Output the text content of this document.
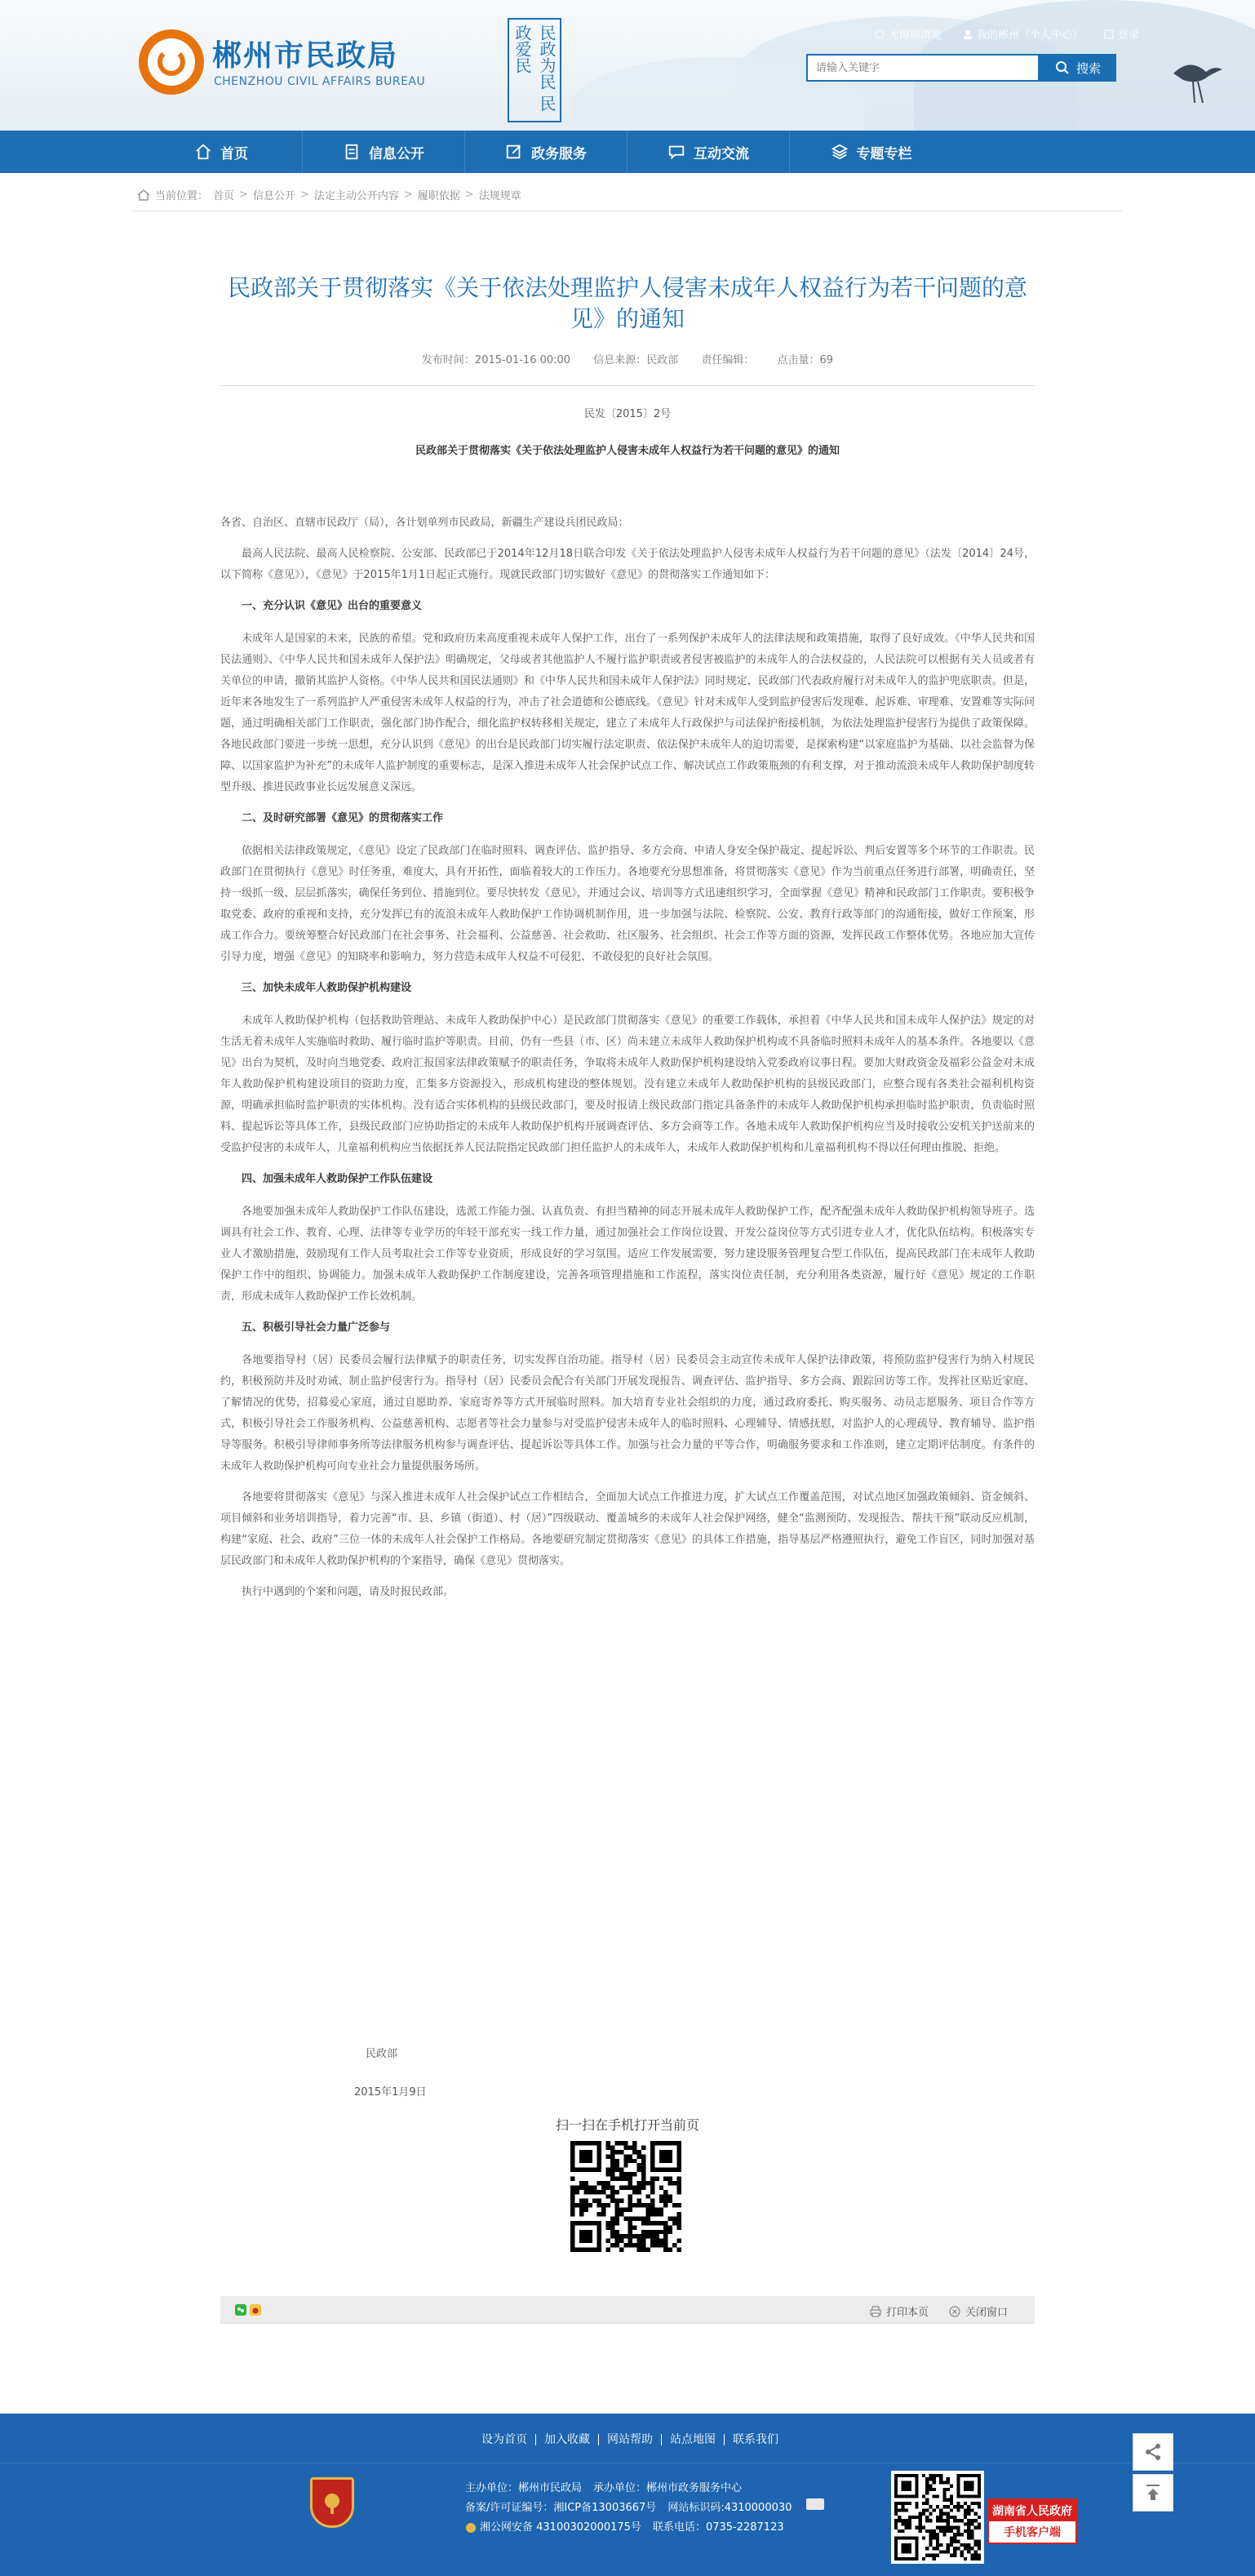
郴州市民政局
CHENZHOU CIVIL AFFAIRS BUREAU	民政为民 民政爱民	无障碍浏览	我的郴州（个人中心）	登录
请输入关键字
搜索
首页	信息公开	政务服务	互动交流	专题专栏
当前位置： 首页 > 信息公开 > 法定主动公开内容 > 履职依据 > 法规规章
民政部关于贯彻落实《关于依法处理监护人侵害未成年人权益行为若干问题的意见》的通知
发布时间：2015-01-16 00:00 信息来源：民政部 责任编辑： 点击量：69
民发〔2015〕2号
民政部关于贯彻落实《关于依法处理监护人侵害未成年人权益行为若干问题的意见》的通知

各省、自治区、直辖市民政厅（局），各计划单列市民政局，新疆生产建设兵团民政局：

最高人民法院、最高人民检察院、公安部、民政部已于2014年12月18日联合印发《关于依法处理监护人侵害未成年人权益行为若干问题的意见》（法发〔2014〕24号，以下简称《意见》），《意见》于2015年1月1日起正式施行。现就民政部门切实做好《意见》的贯彻落实工作通知如下：

一、充分认识《意见》出台的重要意义

未成年人是国家的未来，民族的希望。党和政府历来高度重视未成年人保护工作，出台了一系列保护未成年人的法律法规和政策措施，取得了良好成效。《中华人民共和国民法通则》、《中华人民共和国未成年人保护法》明确规定，父母或者其他监护人不履行监护职责或者侵害被监护的未成年人的合法权益的，人民法院可以根据有关人员或者有关单位的申请，撤销其监护人资格。《中华人民共和国民法通则》和《中华人民共和国未成年人保护法》同时规定，民政部门代表政府履行对未成年人的监护兜底职责。但是，近年来各地发生了一系列监护人严重侵害未成年人权益的行为，冲击了社会道德和公德底线。《意见》针对未成年人受到监护侵害后发现难、起诉难、审理难、安置难等实际问题，通过明确相关部门工作职责，强化部门协作配合，细化监护权转移相关规定，建立了未成年人行政保护与司法保护衔接机制，为依法处理监护侵害行为提供了政策保障。各地民政部门要进一步统一思想，充分认识到《意见》的出台是民政部门切实履行法定职责、依法保护未成年人的迫切需要，是探索构建“以家庭监护为基础、以社会监督为保障、以国家监护为补充”的未成年人监护制度的重要标志，是深入推进未成年人社会保护试点工作、解决试点工作政策瓶颈的有利支撑，对于推动流浪未成年人救助保护制度转型升级、推进民政事业长远发展意义深远。

二、及时研究部署《意见》的贯彻落实工作

依据相关法律政策规定，《意见》设定了民政部门在临时照料、调查评估、监护指导、多方会商、申请人身安全保护裁定、提起诉讼、判后安置等多个环节的工作职责。民政部门在贯彻执行《意见》时任务重，难度大，具有开拓性，面临着较大的工作压力。各地要充分思想准备，将贯彻落实《意见》作为当前重点任务进行部署，明确责任，坚持一级抓一级、层层抓落实，确保任务到位、措施到位。要尽快转发《意见》，并通过会议、培训等方式迅速组织学习，全面掌握《意见》精神和民政部门工作职责。要积极争取党委、政府的重视和支持，充分发挥已有的流浪未成年人救助保护工作协调机制作用，进一步加强与法院、检察院、公安、教育行政等部门的沟通衔接，做好工作预案，形成工作合力。要统筹整合好民政部门在社会事务、社会福利、公益慈善、社会救助、社区服务、社会组织、社会工作等方面的资源，发挥民政工作整体优势。各地应加大宣传引导力度，增强《意见》的知晓率和影响力，努力营造未成年人权益不可侵犯、不敢侵犯的良好社会氛围。

三、加快未成年人救助保护机构建设

未成年人救助保护机构（包括救助管理站、未成年人救助保护中心）是民政部门贯彻落实《意见》的重要工作载体，承担着《中华人民共和国未成年人保护法》规定的对生活无着未成年人实施临时救助、履行临时监护等职责。目前，仍有一些县（市、区）尚未建立未成年人救助保护机构或不具备临时照料未成年人的基本条件。各地要以《意见》出台为契机，及时向当地党委、政府汇报国家法律政策赋予的职责任务，争取将未成年人救助保护机构建设纳入党委政府议事日程。要加大财政资金及福彩公益金对未成年人救助保护机构建设项目的资助力度，汇集多方资源投入，形成机构建设的整体规划。没有建立未成年人救助保护机构的县级民政部门，应整合现有各类社会福利机构资源，明确承担临时监护职责的实体机构。没有适合实体机构的县级民政部门，要及时报请上级民政部门指定具备条件的未成年人救助保护机构承担临时监护职责，负责临时照料、提起诉讼等具体工作，县级民政部门应协助指定的未成年人救助保护机构开展调查评估、多方会商等工作。各地未成年人救助保护机构应当及时接收公安机关护送前来的受监护侵害的未成年人，儿童福利机构应当依据抚养人民法院指定民政部门担任监护人的未成年人，未成年人救助保护机构和儿童福利机构不得以任何理由推脱、拒绝。

四、加强未成年人救助保护工作队伍建设

各地要加强未成年人救助保护工作队伍建设，选派工作能力强、认真负责、有担当精神的同志开展未成年人救助保护工作，配齐配强未成年人救助保护机构领导班子。选调具有社会工作、教育、心理、法律等专业学历的年轻干部充实一线工作力量，通过加强社会工作岗位设置、开发公益岗位等方式引进专业人才，优化队伍结构。积极落实专业人才激励措施，鼓励现有工作人员考取社会工作等专业资质，形成良好的学习氛围。适应工作发展需要，努力建设服务管理复合型工作队伍，提高民政部门在未成年人救助保护工作中的组织、协调能力。加强未成年人救助保护工作制度建设，完善各项管理措施和工作流程，落实岗位责任制，充分利用各类资源，履行好《意见》规定的工作职责，形成未成年人救助保护工作长效机制。

五、积极引导社会力量广泛参与

各地要指导村（居）民委员会履行法律赋予的职责任务，切实发挥自治功能。指导村（居）民委员会主动宣传未成年人保护法律政策，将预防监护侵害行为纳入村规民约，积极预防并及时劝诫、制止监护侵害行为。指导村（居）民委员会配合有关部门开展发现报告、调查评估、监护指导、多方会商、跟踪回访等工作。发挥社区贴近家庭、了解情况的优势，招募爱心家庭，通过自愿助养、家庭寄养等方式开展临时照料。加大培育专业社会组织的力度，通过政府委托、购买服务、动员志愿服务、项目合作等方式，积极引导社会工作服务机构、公益慈善机构、志愿者等社会力量参与对受监护侵害未成年人的临时照料、心理辅导、情感抚慰，对监护人的心理疏导、教育辅导、监护指导等服务。积极引导律师事务所等法律服务机构参与调查评估、提起诉讼等具体工作。加强与社会力量的平等合作，明确服务要求和工作准则，建立定期评估制度。有条件的未成年人救助保护机构可向专业社会力量提供服务场所。

各地要将贯彻落实《意见》与深入推进未成年人社会保护试点工作相结合，全面加大试点工作推进力度，扩大试点工作覆盖范围，对试点地区加强政策倾斜、资金倾斜、项目倾斜和业务培训指导，着力完善“市、县、乡镇（街道）、村（居）”四级联动、覆盖城乡的未成年人社会保护网络，健全“监测预防、发现报告、帮扶干预”联动反应机制，构建“家庭、社会、政府”三位一体的未成年人社会保护工作格局。各地要研究制定贯彻落实《意见》的具体工作措施，指导基层严格遵照执行，避免工作盲区，同时加强对基层民政部门和未成年人救助保护机构的个案指导，确保《意见》贯彻落实。

执行中遇到的个案和问题，请及时报民政部。

民政部
2015年1月9日
扫一扫在手机打开当前页
打印本页	关闭窗口
设为首页	加入收藏	网站帮助	站点地图	联系我们
主办单位：郴州市民政局 承办单位：郴州市政务服务中心
备案/许可证编号：湘ICP备13003667号 网站标识码:4310000030
湘公网安备 43100302000175号 联系电话：0735-2287123
湖南省人民政府
手机客户端
